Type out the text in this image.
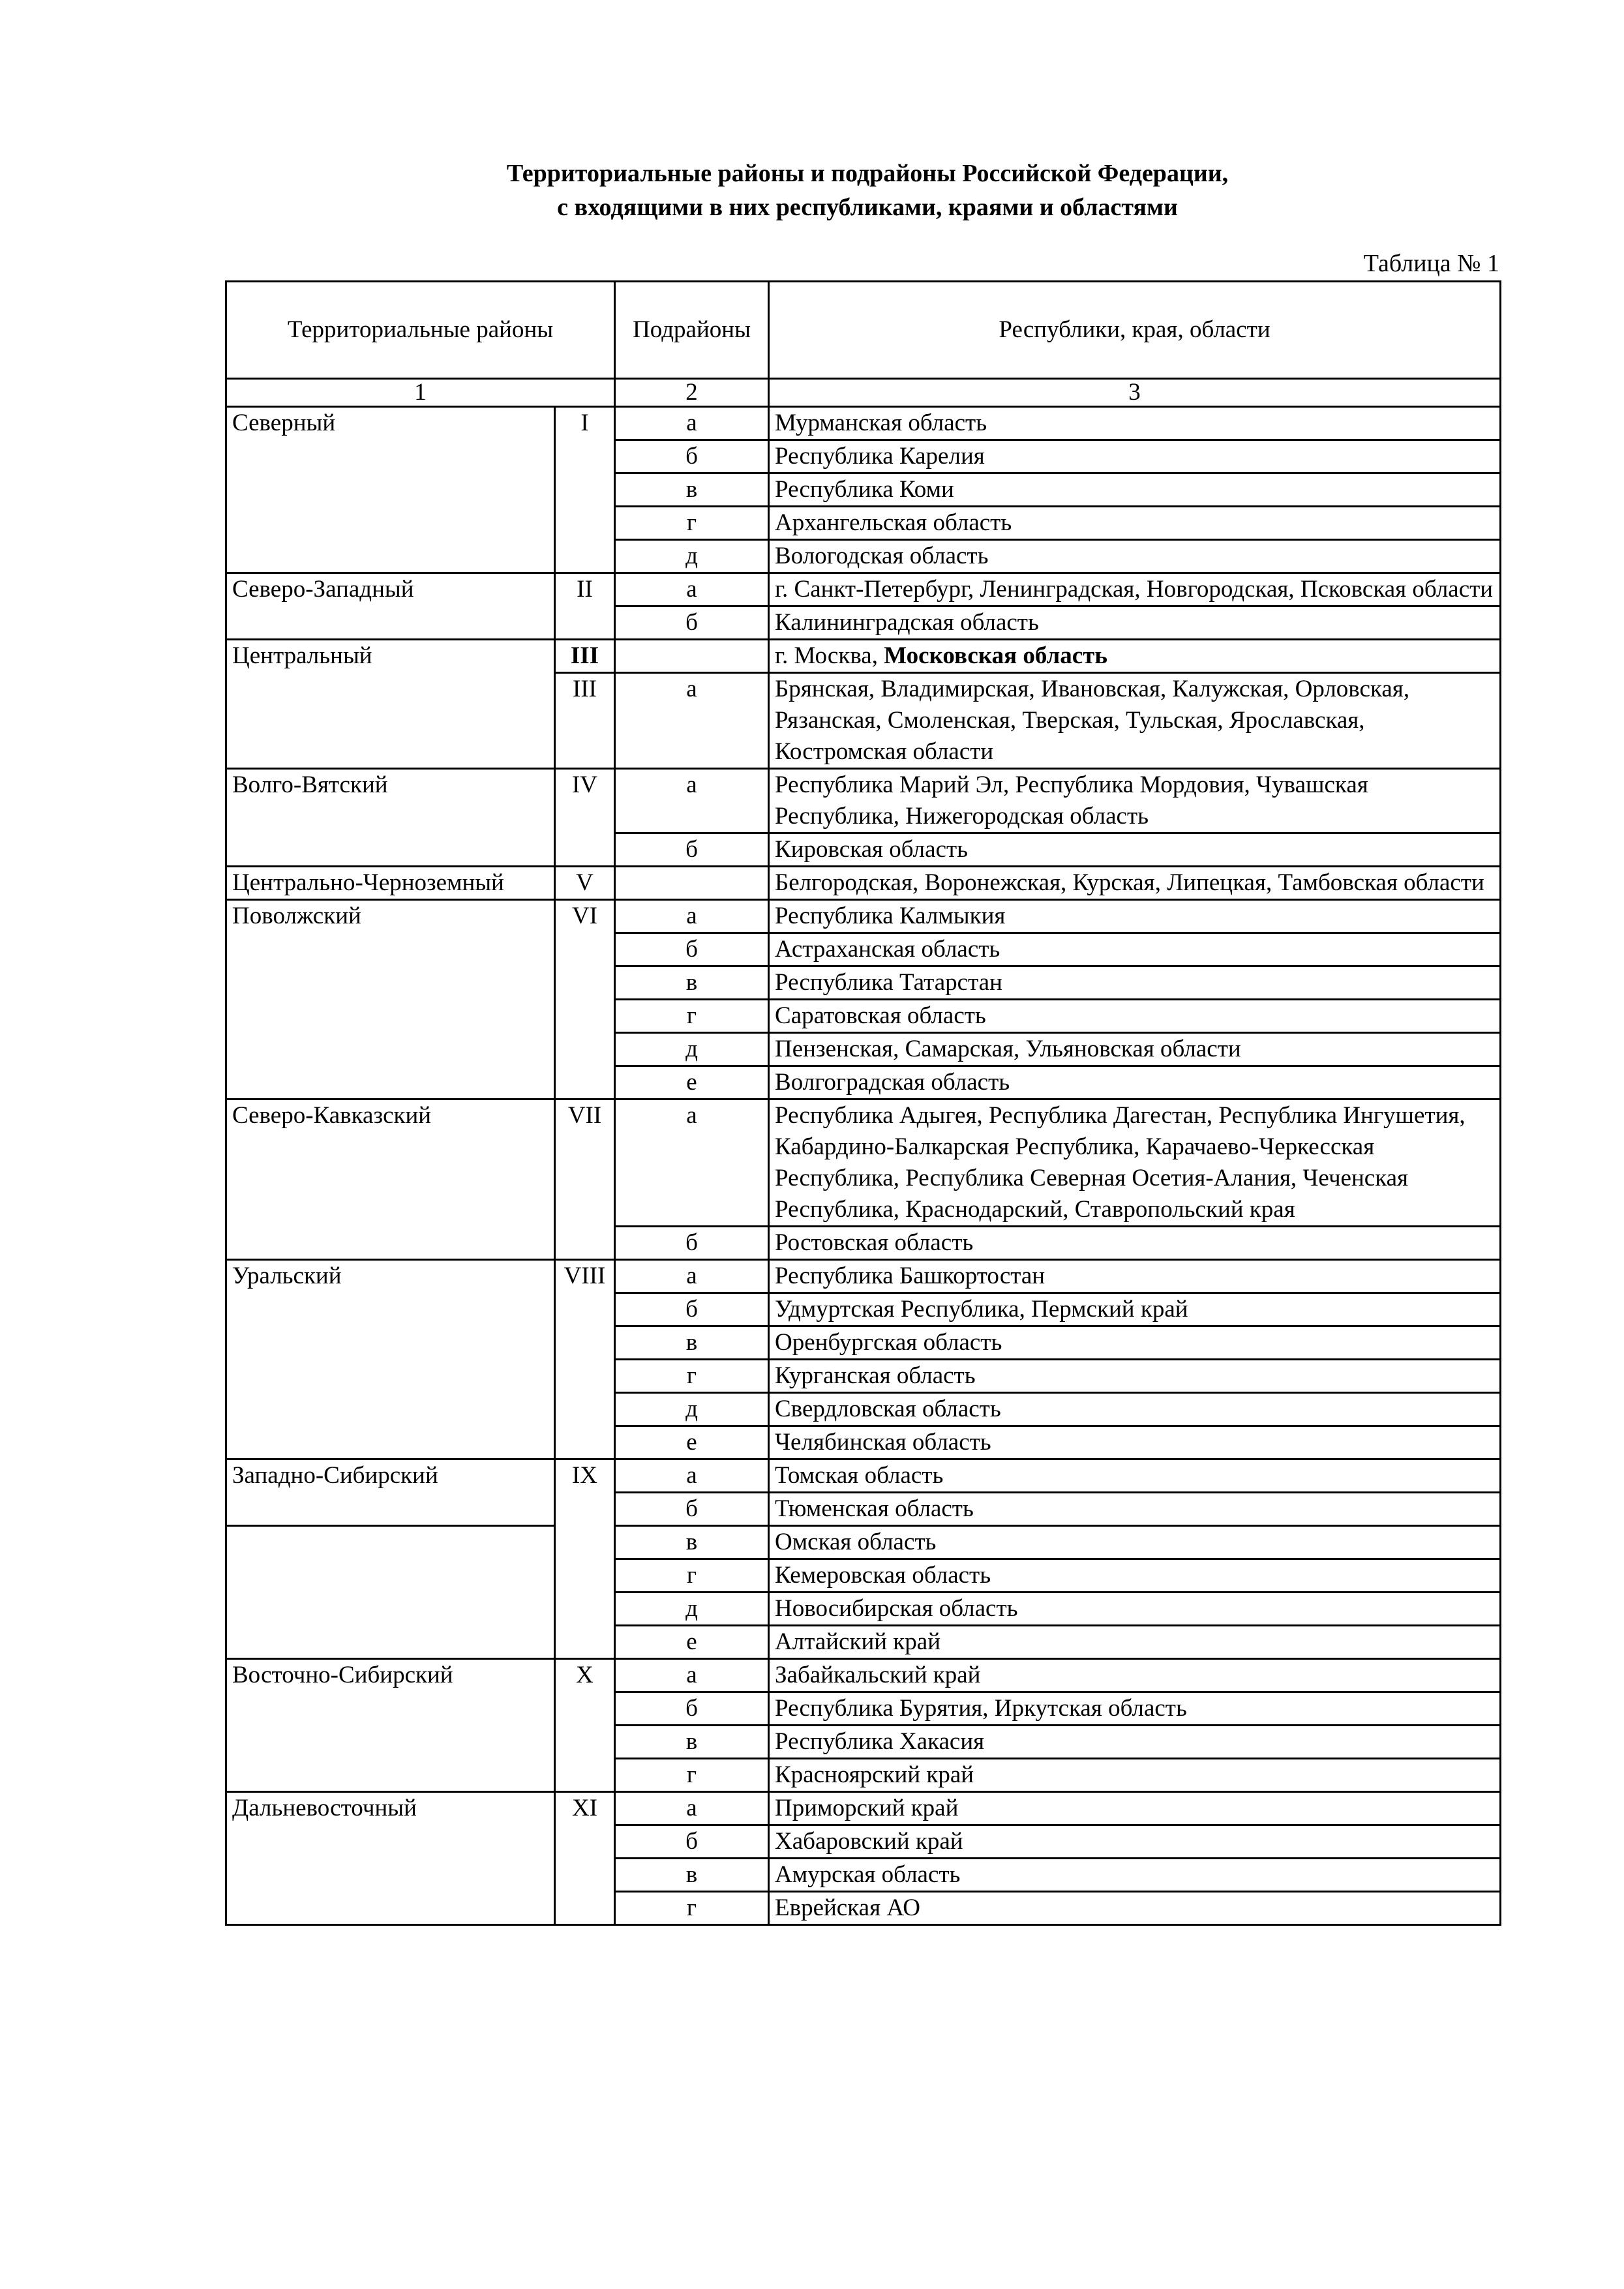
Территориальные районы и подрайоны Российской Федерации,
с входящими в них республиками, краями и областями
Таблица № 1
Территориальные районы		Подрайоны	Республики, края, области
1		2	3
Северный	I	а	Мурманская область
		б	Республика Карелия
		в	Республика Коми
		г	Архангельская область
		д	Вологодская область
Северо-Западный	II	а	г. Санкт-Петербург, Ленинградская, Новгородская, Псковская области
		б	Калининградская область
Центральный	III		г. Москва, Московская область
	III	а	Брянская, Владимирская, Ивановская, Калужская, Орловская, Рязанская, Смоленская, Тверская, Тульская, Ярославская, Костромская области
Волго-Вятский	IV	а	Республика Марий Эл, Республика Мордовия, Чувашская Республика, Нижегородская область
		б	Кировская область
Центрально-Черноземный	V		Белгородская, Воронежская, Курская, Липецкая, Тамбовская области
Поволжский	VI	а	Республика Калмыкия
		б	Астраханская область
		в	Республика Татарстан
		г	Саратовская область
		д	Пензенская, Самарская, Ульяновская области
		е	Волгоградская область
Северо-Кавказский	VII	а	Республика Адыгея, Республика Дагестан, Республика Ингушетия, Кабардино-Балкарская Республика, Карачаево-Черкесская Республика, Республика Северная Осетия-Алания, Чеченская Республика, Краснодарский, Ставропольский края
		б	Ростовская область
Уральский	VIII	а	Республика Башкортостан
		б	Удмуртская Республика, Пермский край
		в	Оренбургская область
		г	Курганская область
		д	Свердловская область
		е	Челябинская область
Западно-Сибирский	IX	а	Томская область
		б	Тюменская область
		в	Омская область
		г	Кемеровская область
		д	Новосибирская область
		е	Алтайский край
Восточно-Сибирский	X	а	Забайкальский край
		б	Республика Бурятия, Иркутская область
		в	Республика Хакасия
		г	Красноярский край
Дальневосточный	XI	а	Приморский край
		б	Хабаровский край
		в	Амурская область
		г	Еврейская АО
